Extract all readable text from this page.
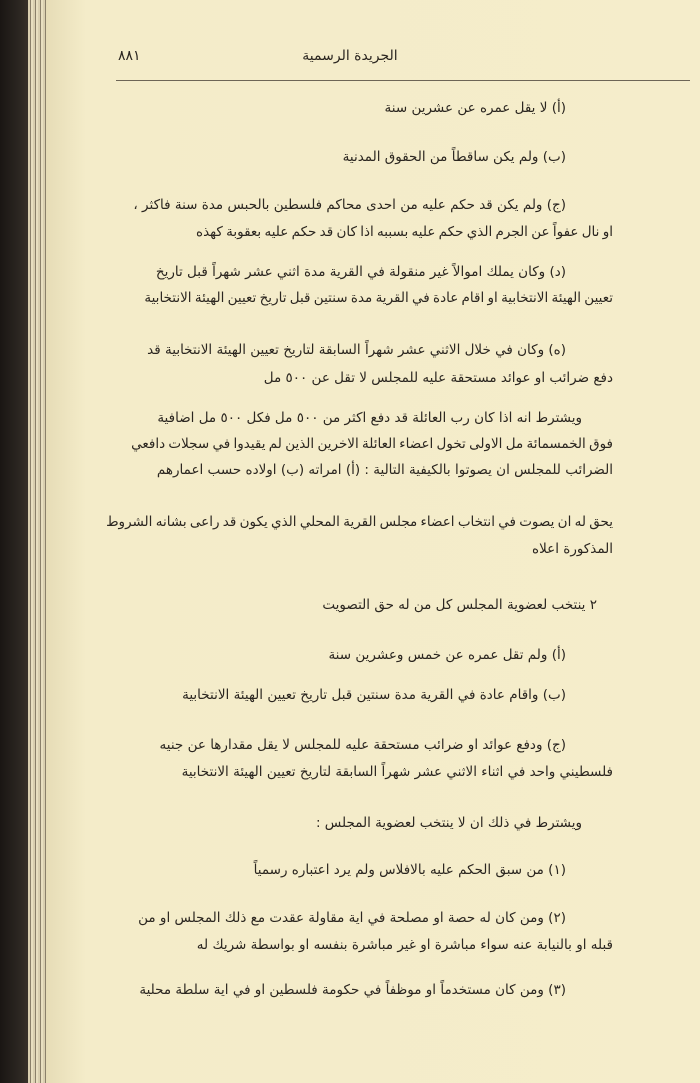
٨٨١	الجريدة الرسمية
(أ) لا يقل عمره عن عشرين سنة
(ب) ولم يكن ساقطاً من الحقوق المدنية
(ج) ولم يكن قد حكم عليه من احدى محاكم فلسطين بالحبس مدة سنة فاكثر ،
او نال عفواً عن الجرم الذي حكم عليه بسببه اذا كان قد حكم عليه بعقوبة كهذه
(د) وكان يملك اموالاً غير منقولة في القرية مدة اثني عشر شهراً قبل تاريخ
تعيين الهيئة الانتخابية او اقام عادة في القرية مدة سنتين قبل تاريخ تعيين الهيئة الانتخابية
(ه) وكان في خلال الاثني عشر شهراً السابقة لتاريخ تعيين الهيئة الانتخابية قد
دفع ضرائب او عوائد مستحقة عليه للمجلس لا تقل عن ٥٠٠ مل
ويشترط انه اذا كان رب العائلة قد دفع اكثر من ٥٠٠ مل فكل ٥٠٠ مل اضافية
فوق الخمسمائة مل الاولى تخول اعضاء العائلة الاخرين الذين لم يقيدوا في سجلات دافعي
الضرائب للمجلس ان يصوتوا بالكيفية التالية : (أ) امراته (ب) اولاده حسب اعمارهم
يحق له ان يصوت في انتخاب اعضاء مجلس القرية المحلي الذي يكون قد راعى بشانه الشروط
المذكورة اعلاه
٢ ينتخب لعضوية المجلس كل من له حق التصويت
(أ) ولم تقل عمره عن خمس وعشرين سنة
(ب) واقام عادة في القرية مدة سنتين قبل تاريخ تعيين الهيئة الانتخابية
(ج) ودفع عوائد او ضرائب مستحقة عليه للمجلس لا يقل مقدارها عن جنيه
فلسطيني واحد في اثناء الاثني عشر شهراً السابقة لتاريخ تعيين الهيئة الانتخابية
ويشترط في ذلك ان لا ينتخب لعضوية المجلس :
(١) من سبق الحكم عليه بالافلاس ولم يرد اعتباره رسمياً
(٢) ومن كان له حصة او مصلحة في اية مقاولة عقدت مع ذلك المجلس او من
قبله او بالنيابة عنه سواء مباشرة او غير مباشرة بنفسه او بواسطة شريك له
(٣) ومن كان مستخدماً او موظفاً في حكومة فلسطين او في اية سلطة محلية
